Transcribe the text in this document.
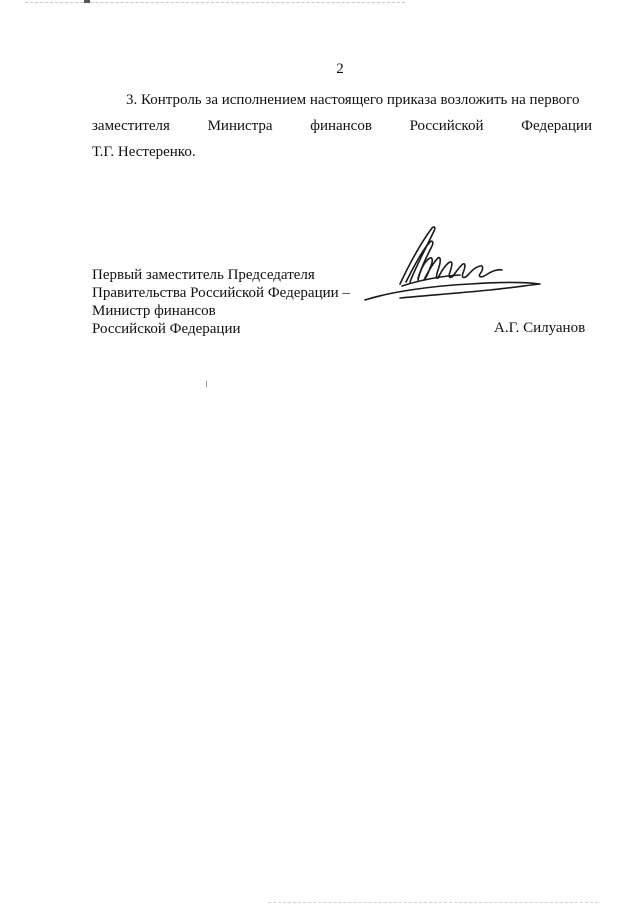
2
3. Контроль за исполнением настоящего приказа возложить на первого
заместителя	Министра	финансов	Российской	Федерации
Т.Г. Нестеренко.
Первый заместитель Председателя
Правительства Российской Федерации –
Министр финансов
Российской Федерации	А.Г. Силуанов
